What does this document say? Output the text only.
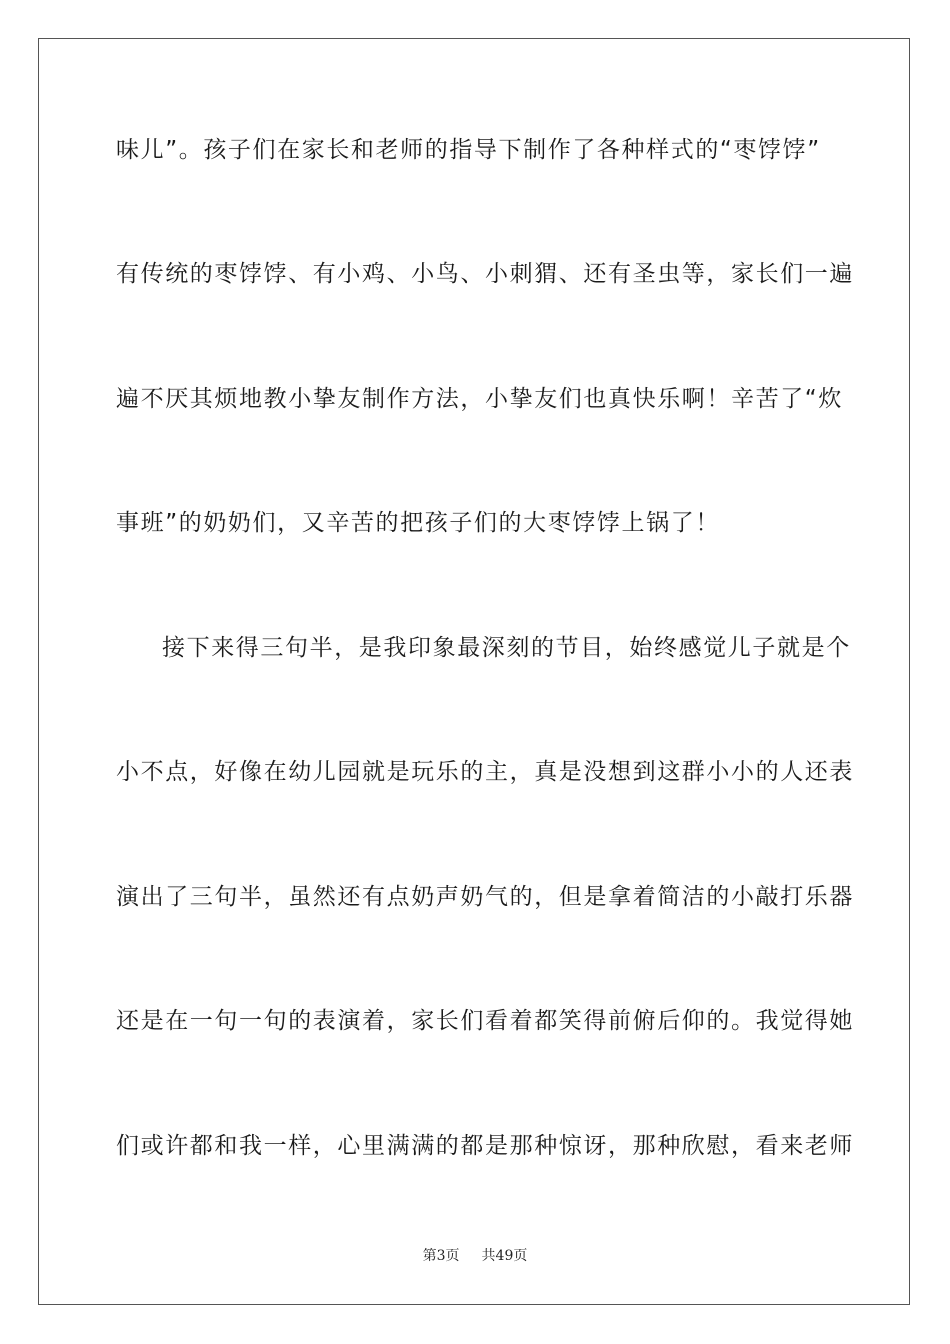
味儿”。孩子们在家长和老师的指导下制作了各种样式的“枣饽饽”
有传统的枣饽饽、有小鸡、小鸟、小刺猬、还有圣虫等，家长们一遍
遍不厌其烦地教小挚友制作方法，小挚友们也真快乐啊！辛苦了“炊
事班”的奶奶们，又辛苦的把孩子们的大枣饽饽上锅了！
接下来得三句半，是我印象最深刻的节目，始终感觉儿子就是个
小不点，好像在幼儿园就是玩乐的主，真是没想到这群小小的人还表
演出了三句半，虽然还有点奶声奶气的，但是拿着简洁的小敲打乐器
还是在一句一句的表演着，家长们看着都笑得前俯后仰的。我觉得她
们或许都和我一样，心里满满的都是那种惊讶，那种欣慰，看来老师
第3页 共49页
